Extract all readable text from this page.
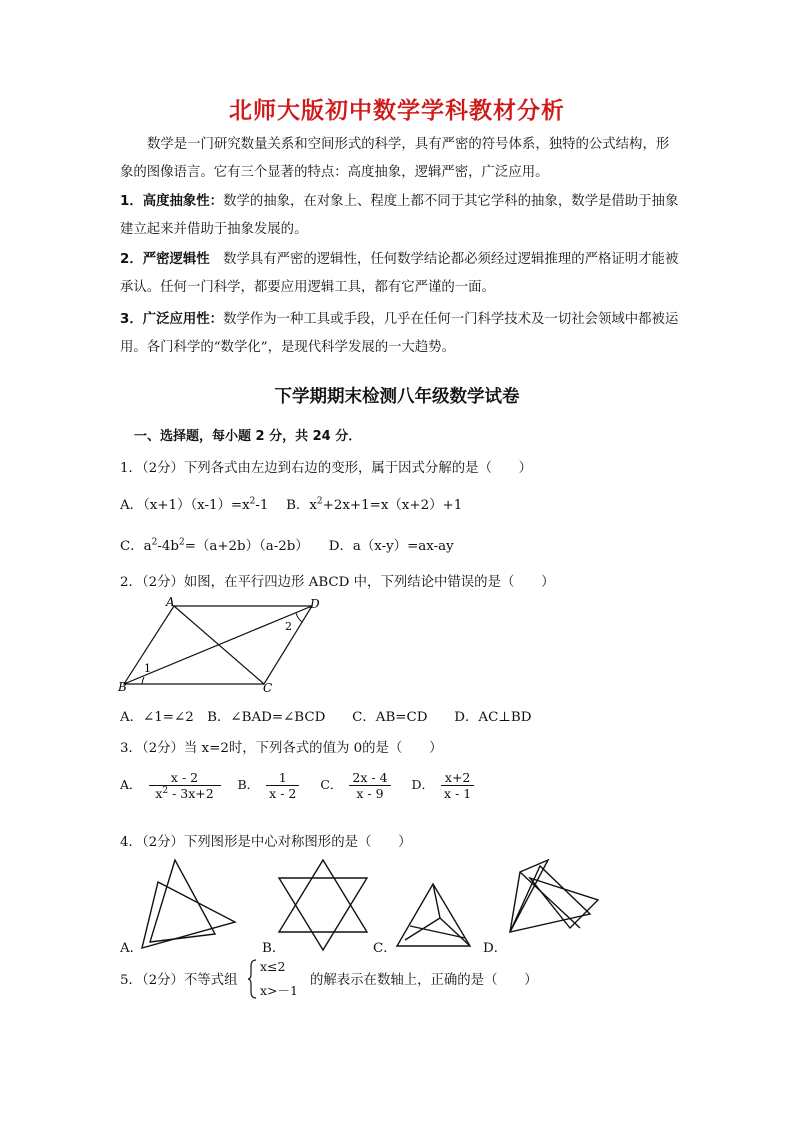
北师大版初中数学学科教材分析
数学是一门研究数量关系和空间形式的科学，具有严密的符号体系，独特的公式结构，形象的图像语言。它有三个显著的特点：高度抽象，逻辑严密，广泛应用。
1．高度抽象性：数学的抽象，在对象上、程度上都不同于其它学科的抽象，数学是借助于抽象建立起来并借助于抽象发展的。
2．严密逻辑性　 数学具有严密的逻辑性，任何数学结论都必须经过逻辑推理的严格证明才能被承认。任何一门科学，都要应用逻辑工具，都有它严谨的一面。
3．广泛应用性：数学作为一种工具或手段，几乎在任何一门科学技术及一切社会领域中都被运用。各门科学的“数学化”，是现代科学发展的一大趋势。
下学期期末检测八年级数学试卷
一、选择题，每小题 2 分，共 24 分．
1．（2分）下列各式由左边到右边的变形，属于因式分解的是（　　）
A．$(x+1)(x-1)=x^2-1$　 B．$x^2+2x+1=x(x+2)+1$
C．$a^2-4b^2=(a+2b)(a-2b)$　　D．a（x-y）=ax-ay
2．（2分）如图，在平行四边形 ABCD 中，下列结论中错误的是（　　）
A	D
B	C
1
2
A．∠1=∠2　B．∠BAD=∠BCD　　C．AB=CD　　D．AC⊥BD
3．（2分）当 x=2时，下列各式的值为 0的是（　　）
A． $\frac{x - 2}{x^2 - 3x+2}$ B． $\frac{1}{x - 2}$ C． $\frac{2x - 4}{x - 9}$ D． $\frac{x+2}{x - 1}$
4．（2分）下列图形是中心对称图形的是（　　）
A．	B．	C．	D．
5．（2分）不等式组
x≤2
x>－1
的解表示在数轴上，正确的是（　　）
